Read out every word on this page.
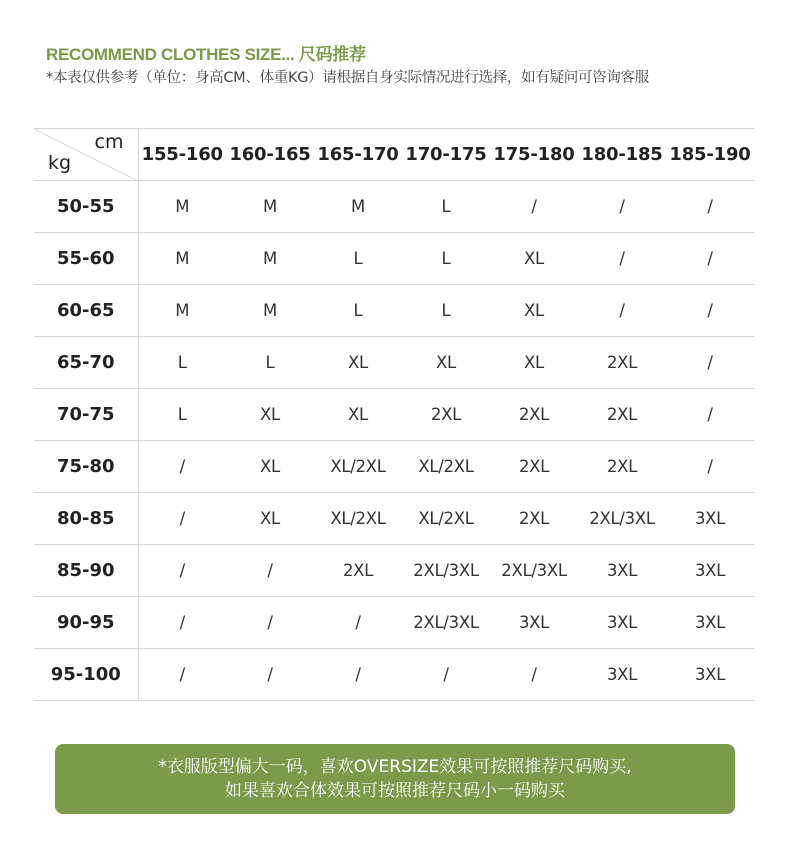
RECOMMEND CLOTHES SIZE... 尺码推荐
*本表仅供参考（单位：身高CM、体重KG）请根据自身实际情况进行选择，如有疑问可咨询客服
cm
kg	155-160	160-165	165-170	170-175	175-180	180-185	185-190
50-55	M	M	M	L	/	/	/
55-60	M	M	L	L	XL	/	/
60-65	M	M	L	L	XL	/	/
65-70	L	L	XL	XL	XL	2XL	/
70-75	L	XL	XL	2XL	2XL	2XL	/
75-80	/	XL	XL/2XL	XL/2XL	2XL	2XL	/
80-85	/	XL	XL/2XL	XL/2XL	2XL	2XL/3XL	3XL
85-90	/	/	2XL	2XL/3XL	2XL/3XL	3XL	3XL
90-95	/	/	/	2XL/3XL	3XL	3XL	3XL
95-100	/	/	/	/	/	3XL	3XL
*衣服版型偏大一码，喜欢OVERSIZE效果可按照推荐尺码购买,
如果喜欢合体效果可按照推荐尺码小一码购买
